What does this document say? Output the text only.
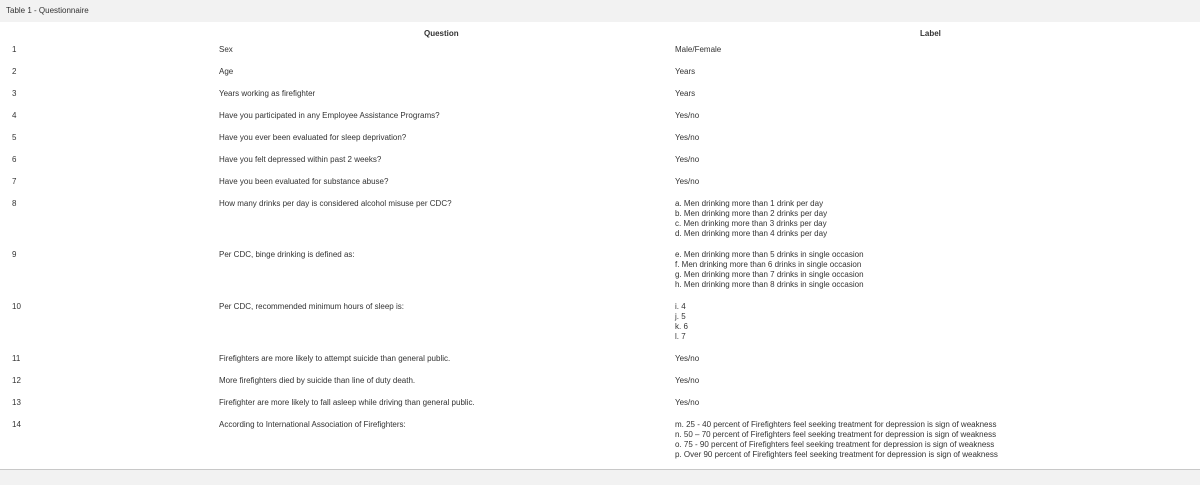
Table 1 - Questionnaire
Question	Label
1	Sex	Male/Female
2	Age	Years
3	Years working as firefighter	Years
4	Have you participated in any Employee Assistance Programs?	Yes/no
5	Have you ever been evaluated for sleep deprivation?	Yes/no
6	Have you felt depressed within past 2 weeks?	Yes/no
7	Have you been evaluated for substance abuse?	Yes/no
8	How many drinks per day is considered alcohol misuse per CDC?	a. Men drinking more than 1 drink per day
b. Men drinking more than 2 drinks per day
c. Men drinking more than 3 drinks per day
d. Men drinking more than 4 drinks per day
9	Per CDC, binge drinking is defined as:	e. Men drinking more than 5 drinks in single occasion
f. Men drinking more than 6 drinks in single occasion
g. Men drinking more than 7 drinks in single occasion
h. Men drinking more than 8 drinks in single occasion
10	Per CDC, recommended minimum hours of sleep is:	i. 4
j. 5
k. 6
l. 7
11	Firefighters are more likely to attempt suicide than general public.	Yes/no
12	More firefighters died by suicide than line of duty death.	Yes/no
13	Firefighter are more likely to fall asleep while driving than general public.	Yes/no
14	According to International Association of Firefighters:	m. 25 - 40 percent of Firefighters feel seeking treatment for depression is sign of weakness
n. 50 – 70 percent of Firefighters feel seeking treatment for depression is sign of weakness
o. 75 - 90 percent of Firefighters feel seeking treatment for depression is sign of weakness
p. Over 90 percent of Firefighters feel seeking treatment for depression is sign of weakness
